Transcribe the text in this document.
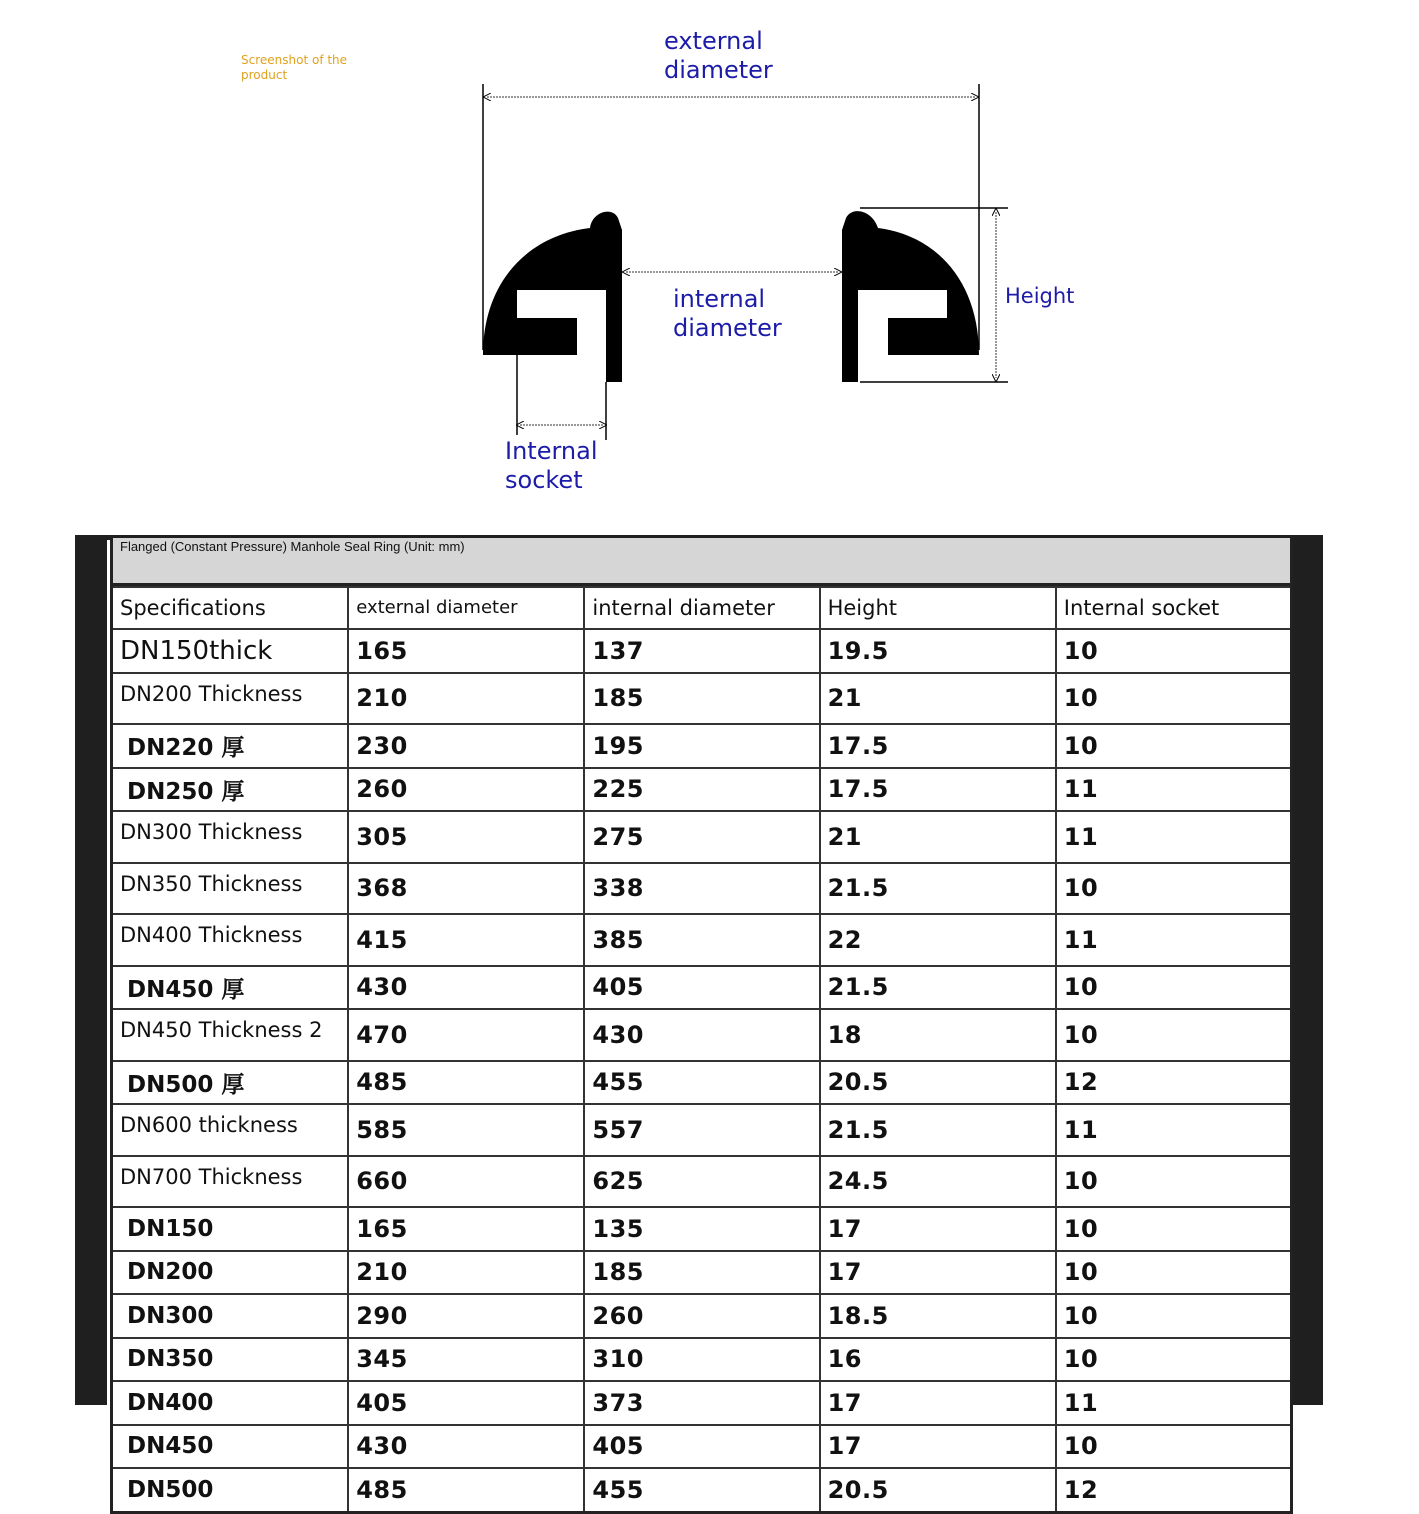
Screenshot of the product
external
diameter
internal
diameter
Internal
socket
Height
Flanged (Constant Pressure) Manhole Seal Ring (Unit: mm)
Specifications	external diameter	internal diameter	Height	Internal socket
DN150thick	165	137	19.5	10
DN200 Thickness	210	185	21	10
DN220 厚	230	195	17.5	10
DN250 厚	260	225	17.5	11
DN300 Thickness	305	275	21	11
DN350 Thickness	368	338	21.5	10
DN400 Thickness	415	385	22	11
DN450 厚	430	405	21.5	10
DN450 Thickness 2	470	430	18	10
DN500 厚	485	455	20.5	12
DN600 thickness	585	557	21.5	11
DN700 Thickness	660	625	24.5	10
DN150	165	135	17	10
DN200	210	185	17	10
DN300	290	260	18.5	10
DN350	345	310	16	10
DN400	405	373	17	11
DN450	430	405	17	10
DN500	485	455	20.5	12
